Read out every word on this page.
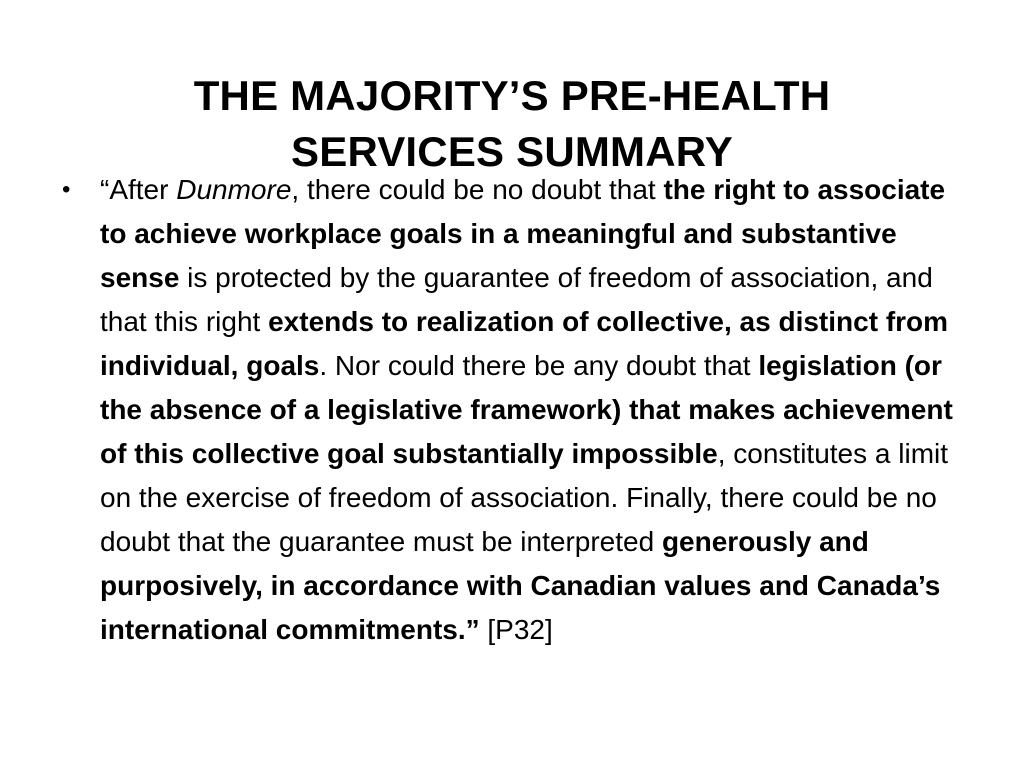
THE MAJORITY’S PRE-HEALTH
SERVICES SUMMARY
• “After Dunmore, there could be no doubt that the right to associate to achieve workplace goals in a meaningful and substantive sense is protected by the guarantee of freedom of association, and that this right extends to realization of collective, as distinct from individual, goals. Nor could there be any doubt that legislation (or the absence of a legislative framework) that makes achievement of this collective goal substantially impossible, constitutes a limit on the exercise of freedom of association. Finally, there could be no doubt that the guarantee must be interpreted generously and purposively, in accordance with Canadian values and Canada’s international commitments.” [P32]
